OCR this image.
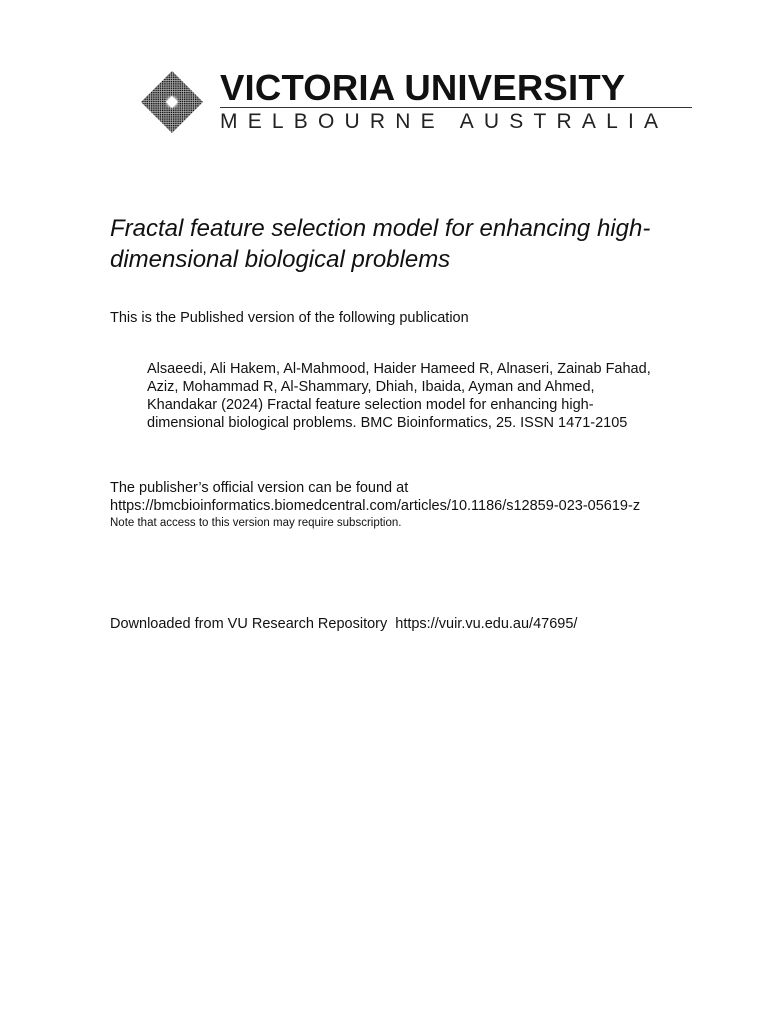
VICTORIA UNIVERSITY
MELBOURNE AUSTRALIA
Fractal feature selection model for enhancing high-
dimensional biological problems
This is the Published version of the following publication
Alsaeedi, Ali Hakem, Al-Mahmood, Haider Hameed R, Alnaseri, Zainab Fahad,
Aziz, Mohammad R, Al-Shammary, Dhiah, Ibaida, Ayman and Ahmed,
Khandakar (2024) Fractal feature selection model for enhancing high-
dimensional biological problems. BMC Bioinformatics, 25. ISSN 1471-2105
The publisher’s official version can be found at
https://bmcbioinformatics.biomedcentral.com/articles/10.1186/s12859-023-05619-z
Note that access to this version may require subscription.
Downloaded from VU Research Repository https://vuir.vu.edu.au/47695/
